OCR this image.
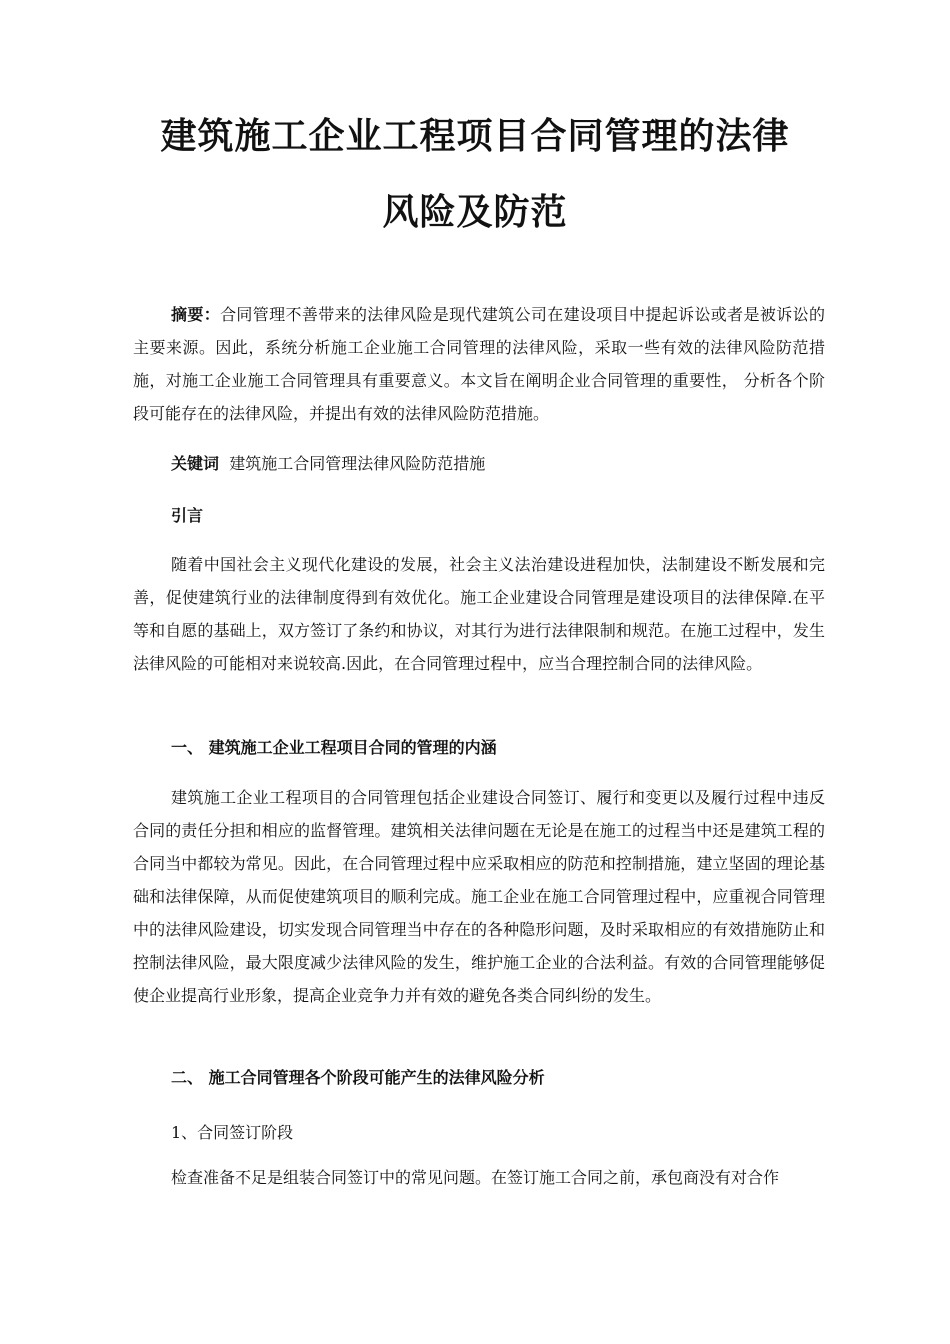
建筑施工企业工程项目合同管理的法律
风险及防范

摘要：合同管理不善带来的法律风险是现代建筑公司在建设项目中提起诉讼或者是被诉讼的主要来源。因此，系统分析施工企业施工合同管理的法律风险，采取一些有效的法律风险防范措施，对施工企业施工合同管理具有重要意义。本文旨在阐明企业合同管理的重要性， 分析各个阶段可能存在的法律风险，并提出有效的法律风险防范措施。

关键词 建筑施工合同管理法律风险防范措施
引言

随着中国社会主义现代化建设的发展，社会主义法治建设进程加快，法制建设不断发展和完善，促使建筑行业的法律制度得到有效优化。施工企业建设合同管理是建设项目的法律保障.在平等和自愿的基础上，双方签订了条约和协议，对其行为进行法律限制和规范。在施工过程中，发生法律风险的可能相对来说较高.因此，在合同管理过程中，应当合理控制合同的法律风险。

一、 建筑施工企业工程项目合同的管理的内涵

建筑施工企业工程项目的合同管理包括企业建设合同签订、履行和变更以及履行过程中违反合同的责任分担和相应的监督管理。建筑相关法律问题在无论是在施工的过程当中还是建筑工程的合同当中都较为常见。因此，在合同管理过程中应采取相应的防范和控制措施，建立坚固的理论基础和法律保障，从而促使建筑项目的顺利完成。施工企业在施工合同管理过程中，应重视合同管理中的法律风险建设，切实发现合同管理当中存在的各种隐形问题，及时采取相应的有效措施防止和控制法律风险，最大限度减少法律风险的发生，维护施工企业的合法利益。有效的合同管理能够促使企业提高行业形象，提高企业竞争力并有效的避免各类合同纠纷的发生。

二、 施工合同管理各个阶段可能产生的法律风险分析
1、合同签订阶段
检查准备不足是组装合同签订中的常见问题。在签订施工合同之前，承包商没有对合作
